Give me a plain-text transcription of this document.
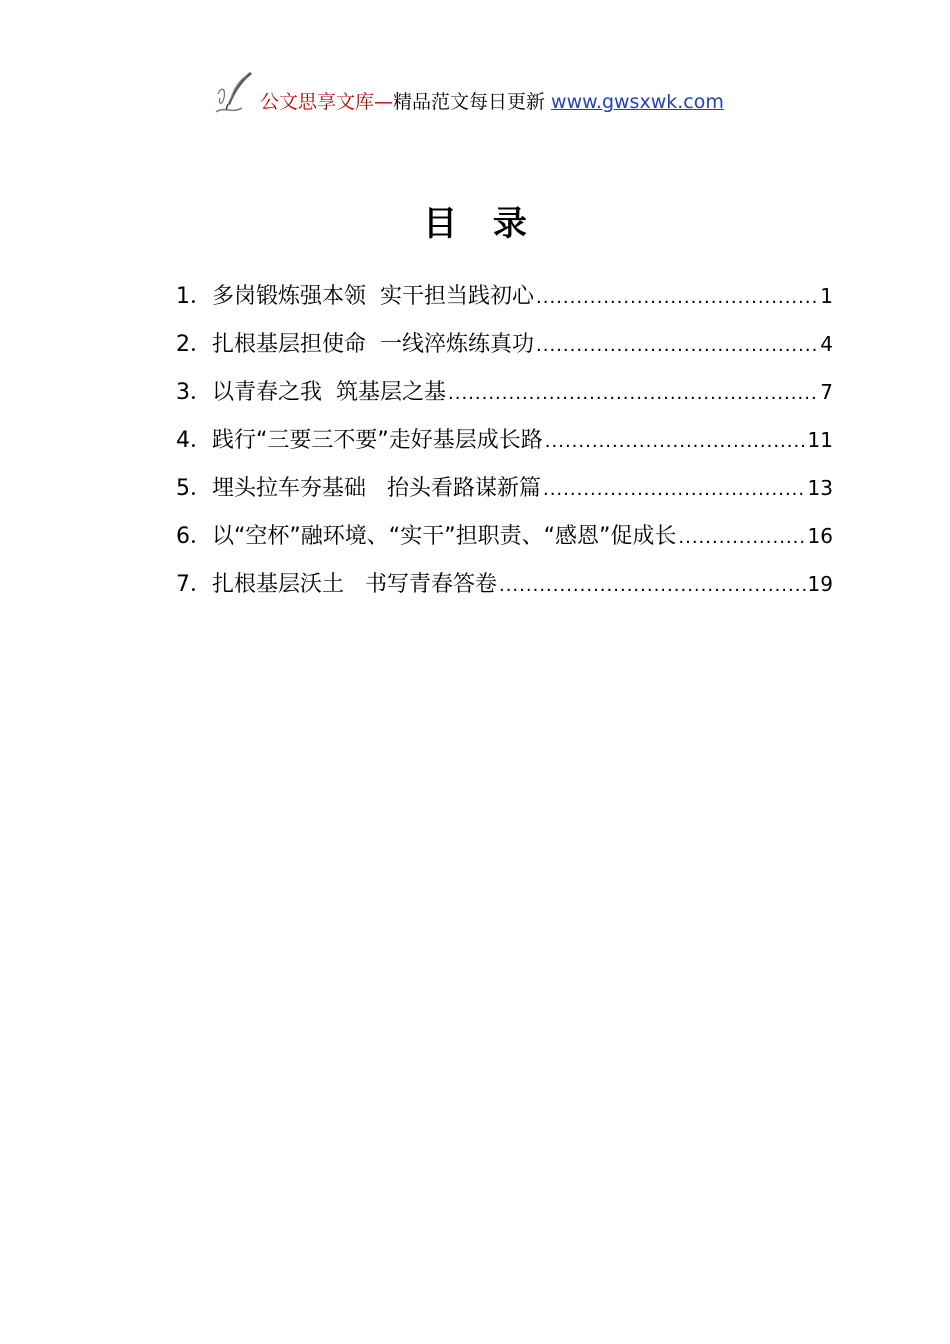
公文思享文库—精品范文每日更新 www.gwsxwk.com
目 录
1． 多岗锻炼强本领  实干担当践初心 .....	1
2． 扎根基层担使命  一线淬炼练真功 .....	4
3． 以青春之我  筑基层之基 .....	7
4． 践行“三要三不要”走好基层成长路 .....	11
5． 埋头拉车夯基础   抬头看路谋新篇 .....	13
6． 以“空杯”融环境、“实干”担职责、“感恩”促成长 .....	16
7． 扎根基层沃土   书写青春答卷 .....	19
